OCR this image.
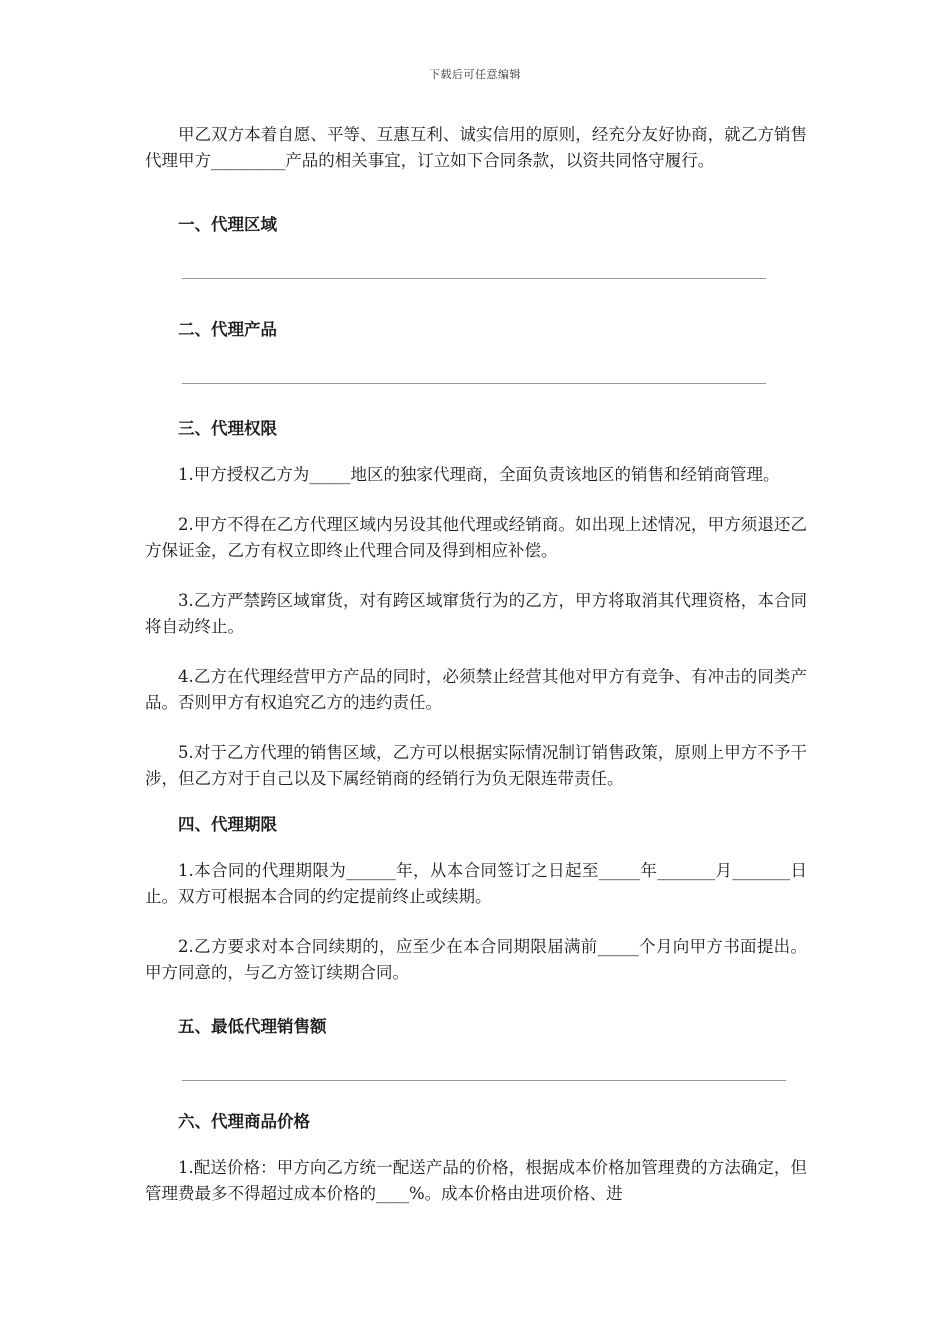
下载后可任意编辑

甲乙双方本着自愿、平等、互惠互利、诚实信用的原则，经充分友好协商，就乙方销售代理甲方_________产品的相关事宜，订立如下合同条款，以资共同恪守履行。

一、代理区域
二、代理产品
三、代理权限

1.甲方授权乙方为_____地区的独家代理商，全面负责该地区的销售和经销商管理。

2.甲方不得在乙方代理区域内另设其他代理或经销商。如出现上述情况，甲方须退还乙方保证金，乙方有权立即终止代理合同及得到相应补偿。

3.乙方严禁跨区域窜货，对有跨区域窜货行为的乙方，甲方将取消其代理资格，本合同将自动终止。

4.乙方在代理经营甲方产品的同时，必须禁止经营其他对甲方有竞争、有冲击的同类产品。否则甲方有权追究乙方的违约责任。

5.对于乙方代理的销售区域，乙方可以根据实际情况制订销售政策，原则上甲方不予干涉，但乙方对于自己以及下属经销商的经销行为负无限连带责任。

四、代理期限

1.本合同的代理期限为______年，从本合同签订之日起至_____年_______月_______日止。双方可根据本合同的约定提前终止或续期。

2.乙方要求对本合同续期的，应至少在本合同期限届满前_____个月向甲方书面提出。甲方同意的，与乙方签订续期合同。

五、最低代理销售额
六、代理商品价格

1.配送价格：甲方向乙方统一配送产品的价格，根据成本价格加管理费的方法确定，但管理费最多不得超过成本价格的____%。成本价格由进项价格、进
